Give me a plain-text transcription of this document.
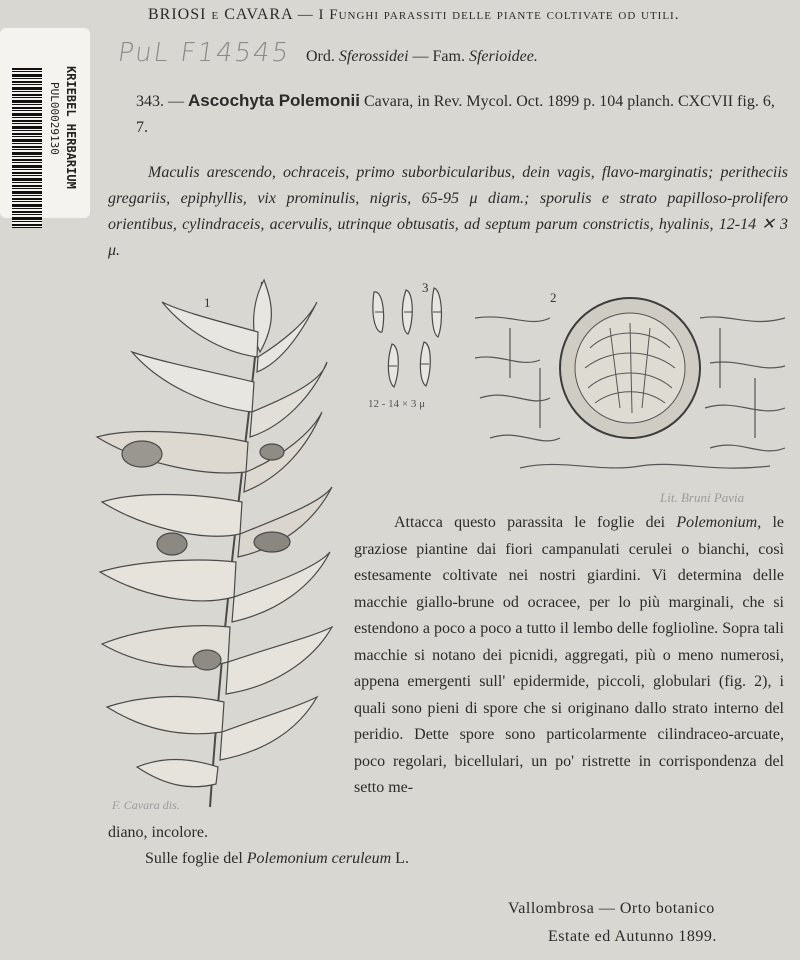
PUL00029130 KRIEBEL HERBARIUM
BRIOSI e CAVARA — I Funghi parassiti delle piante coltivate od utili.
PuL F14545 Ord. Sferossidei — Fam. Sferioidee.
343. — Ascochyta Polemonii Cavara, in Rev. Mycol. Oct. 1899 p. 104 planch. CXCVII fig. 6, 7.
Maculis arescendo, ochraceis, primo suborbicularibus, dein vagis, flavo-marginatis; peritheciis gregariis, epiphyllis, vix prominulis, nigris, 65-95 μ diam.; sporulis e strato papilloso-prolifero orientibus, cylindraceis, acervulis, utrinque obtusatis, ad septum parum constrictis, hyalinis, 12-14 ✕ 3 μ.
1
F. Cavara dis.
3
12 - 14 × 3 μ
2
Lit. Bruni Pavia
Attacca questo parassita le foglie dei Polemonium, le graziose piantine dai fiori campanulati cerulei o bianchi, così estesamente coltivate nei nostri giardini. Vi determina delle macchie giallo-brune od ocracee, per lo più marginali, che si estendono a poco a poco a tutto il lembo delle fogliolìne. Sopra tali macchie si notano dei picnidi, aggregati, più o meno numerosi, appena emergenti sull' epidermide, piccoli, globulari (fig. 2), i quali sono pieni di spore che si originano dallo strato interno del peridio. Dette spore sono particolarmente cilindraceo-arcuate, poco regolari, bicellulari, un po' ristrette in corrispondenza del setto me-
diano, incolore.
Sulle foglie del Polemonium ceruleum L.
Vallombrosa — Orto botanico
Estate ed Autunno 1899.
